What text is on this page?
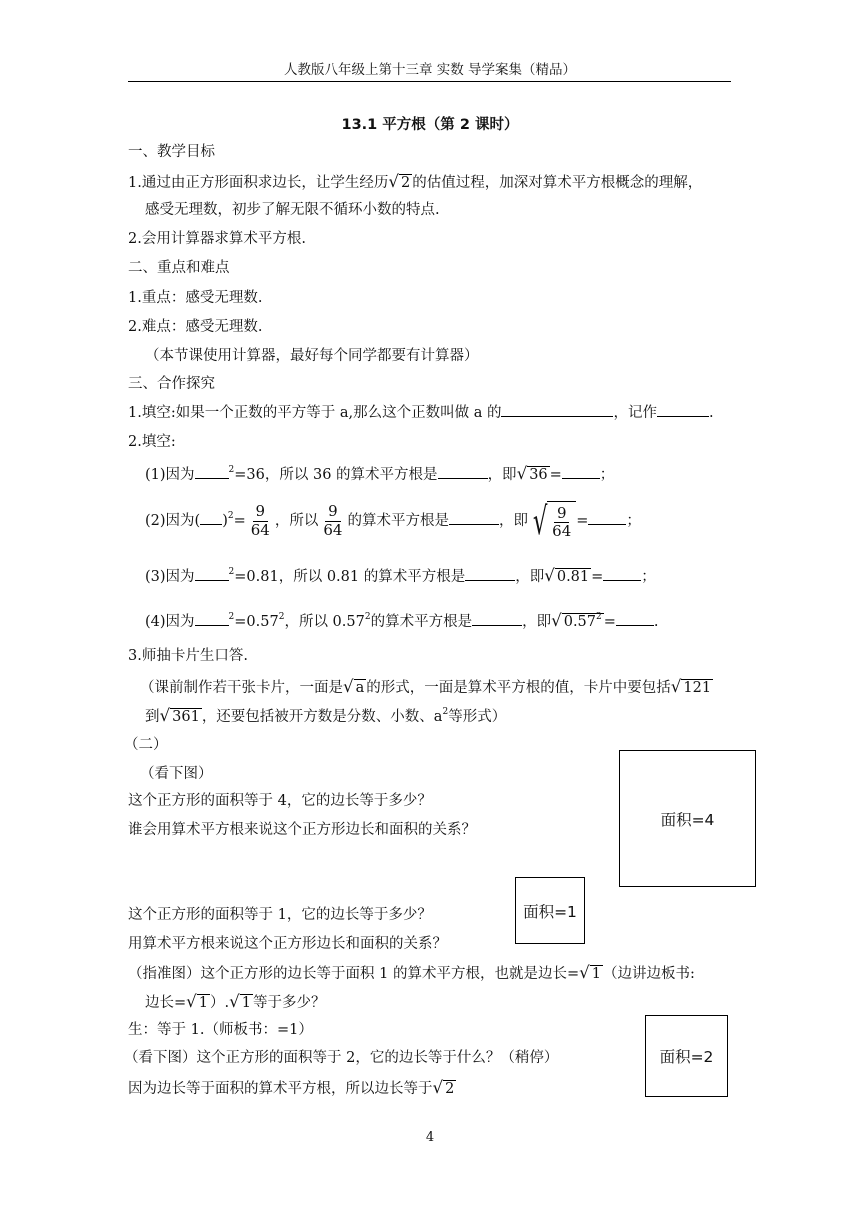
人教版八年级上第十三章 实数 导学案集（精品）
13.1 平方根（第 2 课时）
一、教学目标
1.通过由正方形面积求边长，让学生经历√ 2 的估值过程，加深对算术平方根概念的理解，
感受无理数，初步了解无限不循环小数的特点.
2.会用计算器求算术平方根.
二、重点和难点
1.重点：感受无理数.
2.难点：感受无理数.
（本节课使用计算器，最好每个同学都要有计算器）
三、合作探究
1.填空:如果一个正数的平方等于 a,那么这个正数叫做 a 的	，记作	.
2.填空:
(1)因为	$^2$=36，所以 36 的算术平方根是	，即√ 36 =	；
(2)因为( )$^2= \frac{9}{64}$ ，所以 $\frac{9}{64}$ 的算术平方根是	，即 √ $\frac{9}{64}$ =	；
(3)因为	$^2$=0.81，所以 0.81 的算术平方根是	，即√ 0.81 =	；
(4)因为	$^2=0.57^2$，所以 0.57$^2$的算术平方根是	，即√ $0.57^2$ =	.
3.师抽卡片生口答.
（课前制作若干张卡片，一面是√ a 的形式，一面是算术平方根的值，卡片中要包括√ 121
到√ 361 ，还要包括被开方数是分数、小数、$a^2$等形式）
（二）
（看下图）
这个正方形的面积等于 4，它的边长等于多少？
谁会用算术平方根来说这个正方形边长和面积的关系？
面积=4
这个正方形的面积等于 1，它的边长等于多少？
用算术平方根来说这个正方形边长和面积的关系？
面积=1
（指准图）这个正方形的边长等于面积 1 的算术平方根，也就是边长=√ 1 （边讲边板书:
边长=√ 1 ）.√ 1 等于多少？
生：等于 1.（师板书：=1）
（看下图）这个正方形的面积等于 2，它的边长等于什么？（稍停）
因为边长等于面积的算术平方根，所以边长等于√ 2
面积=2
4
